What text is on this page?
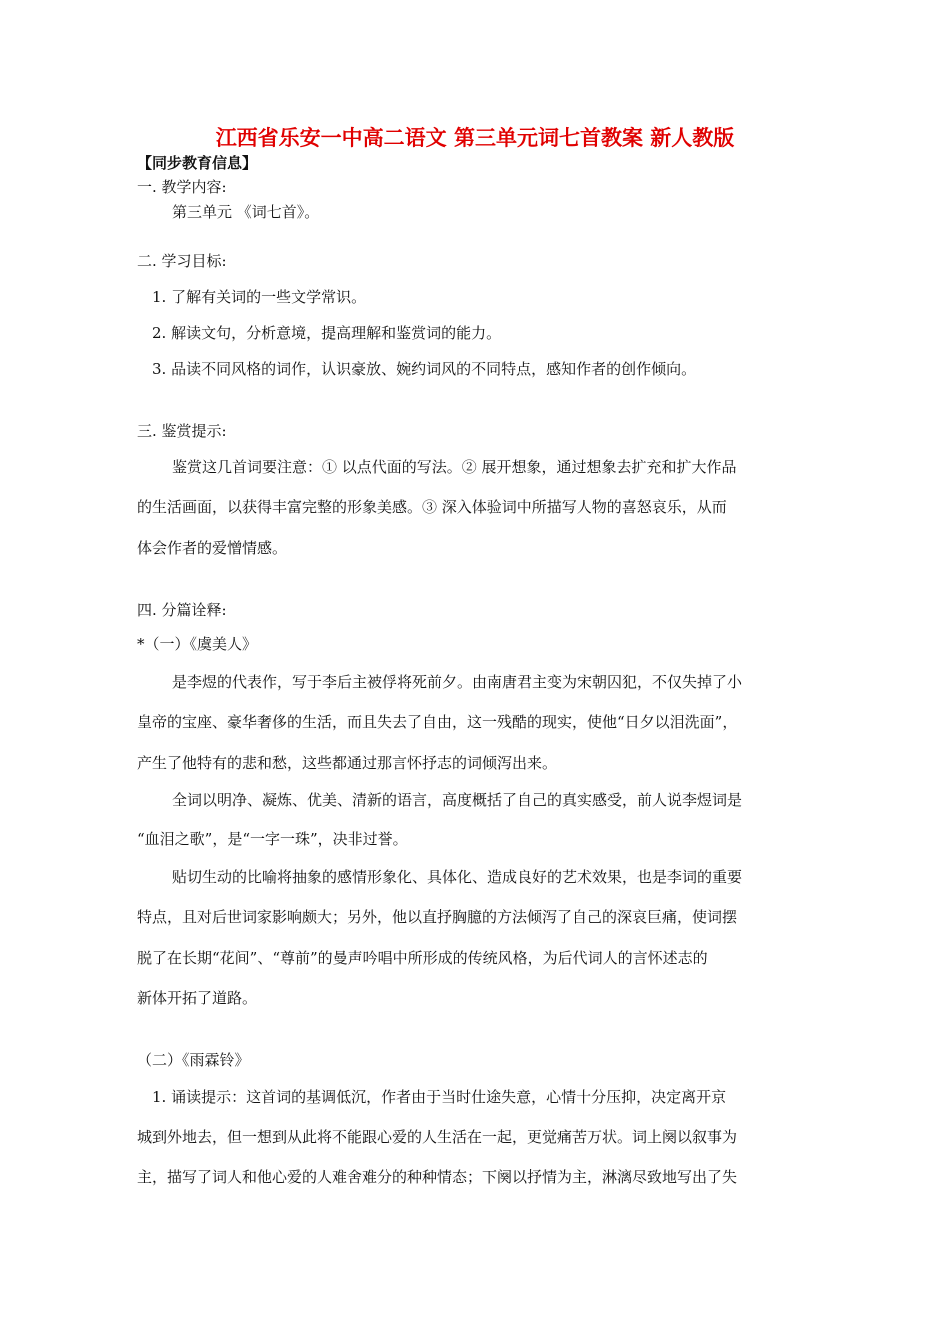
江西省乐安一中高二语文 第三单元词七首教案 新人教版
【同步教育信息】
一. 教学内容:
第三单元 《词七首》。
二. 学习目标:
1. 了解有关词的一些文学常识。
2. 解读文句，分析意境，提高理解和鉴赏词的能力。
3. 品读不同风格的词作，认识豪放、婉约词风的不同特点，感知作者的创作倾向。
三. 鉴赏提示:
鉴赏这几首词要注意：① 以点代面的写法。② 展开想象，通过想象去扩充和扩大作品
的生活画面，以获得丰富完整的形象美感。③ 深入体验词中所描写人物的喜怒哀乐，从而
体会作者的爱憎情感。
四. 分篇诠释:
*（一）《虞美人》
是李煜的代表作，写于李后主被俘将死前夕。由南唐君主变为宋朝囚犯，不仅失掉了小
皇帝的宝座、豪华奢侈的生活，而且失去了自由，这一残酷的现实，使他“日夕以泪洗面”，
产生了他特有的悲和愁，这些都通过那言怀抒志的词倾泻出来。
全词以明净、凝炼、优美、清新的语言，高度概括了自己的真实感受，前人说李煜词是
“血泪之歌”，是“一字一珠”，决非过誉。
贴切生动的比喻将抽象的感情形象化、具体化、造成良好的艺术效果，也是李词的重要
特点，且对后世词家影响颇大；另外，他以直抒胸臆的方法倾泻了自己的深哀巨痛，使词摆
脱了在长期“花间”、“尊前”的曼声吟唱中所形成的传统风格，为后代词人的言怀述志的
新体开拓了道路。
（二）《雨霖铃》
1. 诵读提示：这首词的基调低沉，作者由于当时仕途失意，心情十分压抑，决定离开京
城到外地去，但一想到从此将不能跟心爱的人生活在一起，更觉痛苦万状。词上阕以叙事为
主，描写了词人和他心爱的人难舍难分的种种情态；下阕以抒情为主，淋漓尽致地写出了失
